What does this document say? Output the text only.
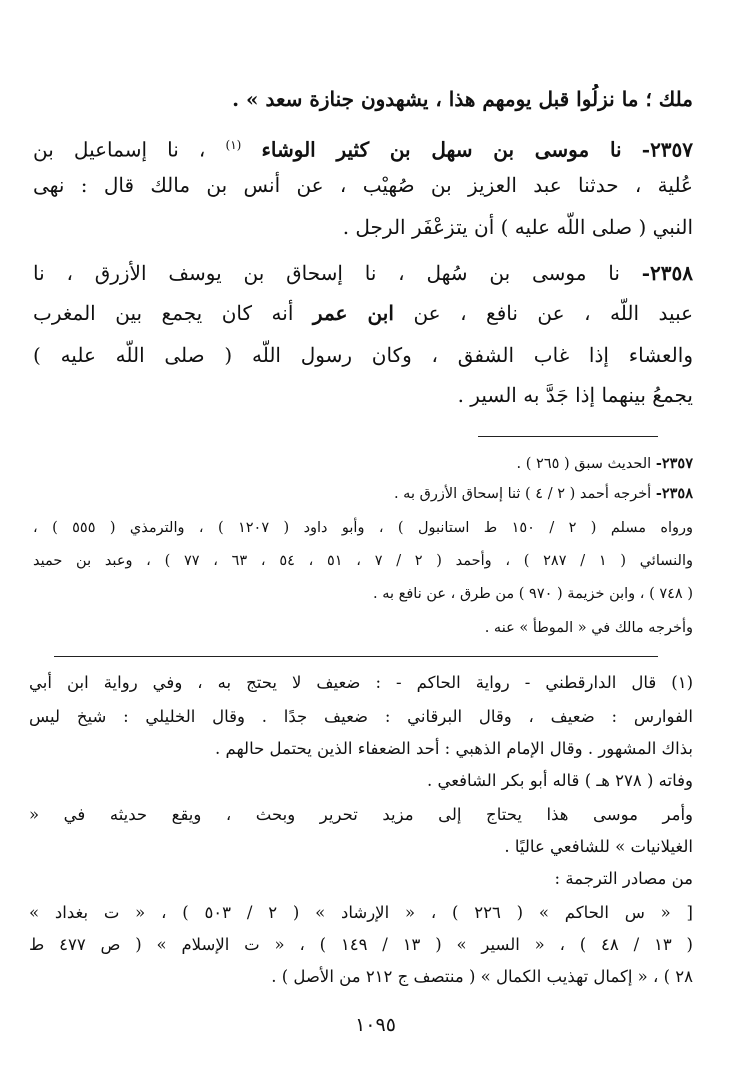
ملك ؛ ما نزلُوا قبل يومهم هذا ، يشهدون جنازة سعد » .
٢٣٥٧- نا موسى بن سهل بن كثير الوشاء $^{(١)}$ ، نا إسماعيل بن
عُلية ، حدثنا عبد العزيز بن صُهيْب ، عن أنس بن مالك قال : نهى
النبي ( صلى اللَّه عليه ) أن يتزعْفَر الرجل .
٢٣٥٨- نا موسى بن سُهل ، نا إسحاق بن يوسف الأزرق ، نا
عبيد اللَّه ، عن نافع ، عن ابن عمر أنه كان يجمع بين المغرب
والعشاء إذا غاب الشفق ، وكان رسول اللَّه ( صلى اللَّه عليه )
يجمعُ بينهما إذا جَدَّ به السير .
٢٣٥٧- الحديث سبق ( ٢٦٥ ) .
٢٣٥٨- أخرجه أحمد ( ٢ / ٤ ) ثنا إسحاق الأزرق به .
ورواه مسلم ( ٢ / ١٥٠ ط استانبول ) ، وأبو داود ( ١٢٠٧ ) ، والترمذي ( ٥٥٥ ) ،
والنسائي ( ١ / ٢٨٧ ) ، وأحمد ( ٢ / ٧ ، ٥١ ، ٥٤ ، ٦٣ ، ٧٧ ) ، وعبد بن حميد
( ٧٤٨ ) ، وابن خزيمة ( ٩٧٠ ) من طرق ، عن نافع به .
وأخرجه مالك في « الموطأ » عنه .
(١) قال الدارقطني - رواية الحاكم - : ضعيف لا يحتج به ، وفي رواية ابن أبي
الفوارس : ضعيف ، وقال البرقاني : ضعيف جدًا . وقال الخليلي : شيخ ليس
بذاك المشهور . وقال الإمام الذهبي : أحد الضعفاء الذين يحتمل حالهم .
وفاته ( ٢٧٨ هـ ) قاله أبو بكر الشافعي .
وأمر موسى هذا يحتاج إلى مزيد تحرير وبحث ، ويقع حديثه في «
الغيلانيات » للشافعي عاليًا .
من مصادر الترجمة :
[ « س الحاكم » ( ٢٢٦ ) ، « الإرشاد » ( ٢ / ٥٠٣ ) ، « ت بغداد »
( ١٣ / ٤٨ ) ، « السير » ( ١٣ / ١٤٩ ) ، « ت الإسلام » ( ص ٤٧٧ ط
٢٨ ) ، « إكمال تهذيب الكمال » ( منتصف ج ٢١٢ من الأصل ) .
١٠٩٥
